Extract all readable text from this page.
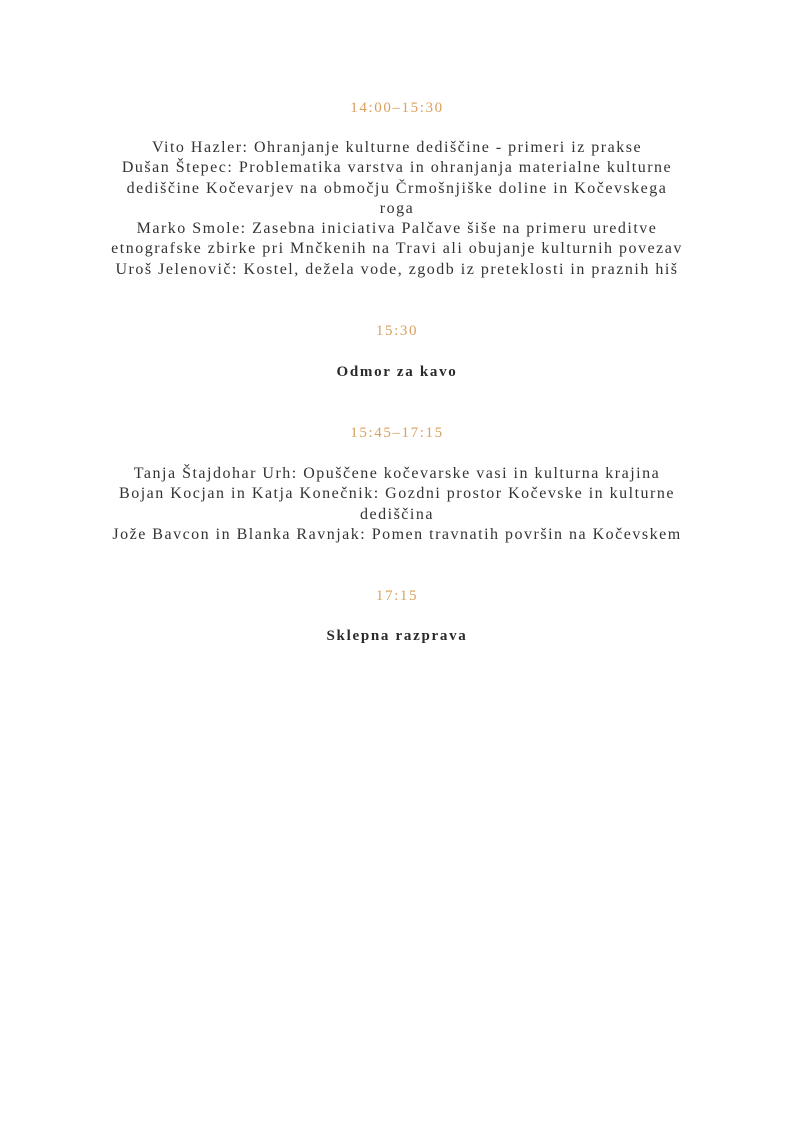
14:00–15:30
Vito Hazler: Ohranjanje kulturne dediščine - primeri iz prakse
Dušan Štepec: Problematika varstva in ohranjanja materialne kulturne
dediščine Kočevarjev na območju Črmošnjiške doline in Kočevskega
roga
Marko Smole: Zasebna iniciativa Palčave šiše na primeru ureditve
etnografske zbirke pri Mnčkenih na Travi ali obujanje kulturnih povezav
Uroš Jelenovič: Kostel, dežela vode, zgodb iz preteklosti in praznih hiš
15:30
Odmor za kavo
15:45–17:15
Tanja Štajdohar Urh: Opuščene kočevarske vasi in kulturna krajina
Bojan Kocjan in Katja Konečnik: Gozdni prostor Kočevske in kulturne
dediščina
Jože Bavcon in Blanka Ravnjak: Pomen travnatih površin na Kočevskem
17:15
Sklepna razprava
